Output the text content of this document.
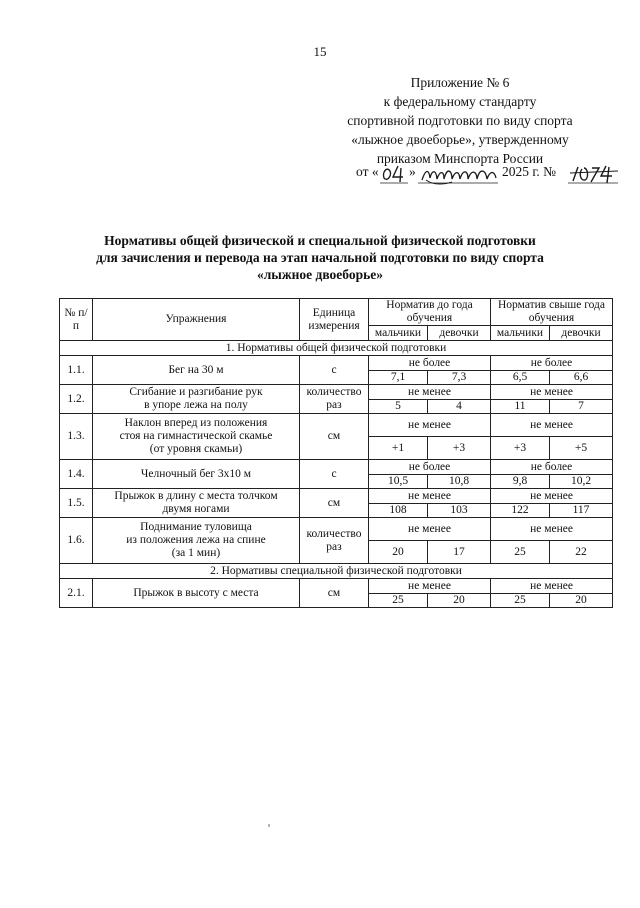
15
Приложение № 6
к федеральному стандарту
спортивной подготовки по виду спорта
«лыжное двоеборье», утвержденному
приказом Минспорта России
от « »	2025 г. №
Нормативы общей физической и специальной физической подготовки
для зачисления и перевода на этап начальной подготовки по виду спорта
«лыжное двоеборье»
№ п/п	Упражнения	Единица измерения	Норматив до года обучения		Норматив свыше года обучения	
			мальчики	девочки	мальчики	девочки
1. Нормативы общей физической подготовки						
1.1.	Бег на 30 м	с	не более		не более	
			7,1	7,3	6,5	6,6
1.2.	Сгибание и разгибание рук
в упоре лежа на полу	количество
раз	не менее		не менее	
			5	4	11	7
1.3.	Наклон вперед из положения
стоя на гимнастической скамье
(от уровня скамьи)	см	не менее		не менее	
			+1	+3	+3	+5
1.4.	Челночный бег 3х10 м	с	не более		не более	
			10,5	10,8	9,8	10,2
1.5.	Прыжок в длину с места толчком
двумя ногами	см	не менее		не менее	
			108	103	122	117
1.6.	Поднимание туловища
из положения лежа на спине
(за 1 мин)	количество
раз	не менее		не менее	
			20	17	25	22
2. Нормативы специальной физической подготовки						
2.1.	Прыжок в высоту с места	см	не менее		не менее	
			25	20	25	20
